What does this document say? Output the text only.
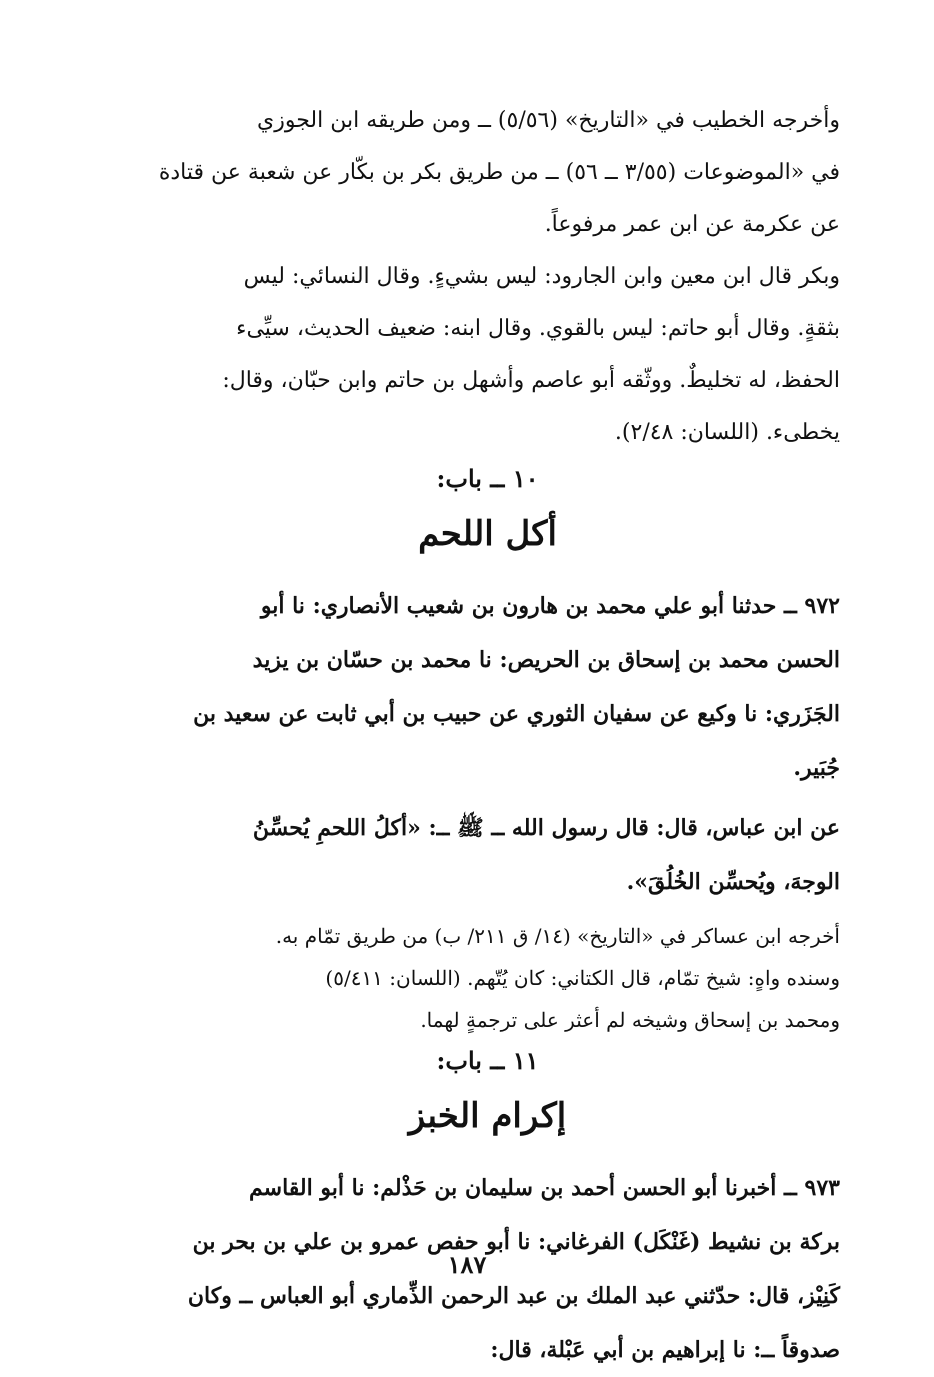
وأخرجه الخطيب في «التاريخ» (٥/٥٦) ــ ومن طريقه ابن الجوزي

في «الموضوعات (٣/٥٥ ــ ٥٦) ــ من طريق بكر بن بكّار عن شعبة عن قتادة

عن عكرمة عن ابن عمر مرفوعاً.

وبكر قال ابن معين وابن الجارود: ليس بشيءٍ. وقال النسائي: ليس

بثقةٍ. وقال أبو حاتم: ليس بالقوي. وقال ابنه: ضعيف الحديث، سيِّىء

الحفظ، له تخليطٌ. ووثّقه أبو عاصم وأشهل بن حاتم وابن حبّان، وقال:

يخطىء. (اللسان: ٢/٤٨).

١٠ ــ باب:

أكل اللحم

٩٧٢ ــ حدثنا أبو علي محمد بن هارون بن شعيب الأنصاري: نا أبو

الحسن محمد بن إسحاق بن الحريص: نا محمد بن حسّان بن يزيد

الجَزَري: نا وكيع عن سفيان الثوري عن حبيب بن أبي ثابت عن سعيد بن

جُبَير.

عن ابن عباس، قال: قال رسول الله ــ ﷺ ــ: «أكلُ اللحمِ يُحسِّنُ

الوجهَ، ويُحسِّن الخُلُقَ».

أخرجه ابن عساكر في «التاريخ» (١٤/ ق ٢١١/ ب) من طريق تمّام به.

وسنده واهٍ: شيخ تمّام، قال الكتاني: كان يُتّهم. (اللسان: ٥/٤١١)

ومحمد بن إسحاق وشيخه لم أعثر على ترجمةٍ لهما.

١١ ــ باب:

إكرام الخبز

٩٧٣ ــ أخبرنا أبو الحسن أحمد بن سليمان بن حَذْلم: نا أبو القاسم

بركة بن نشيط (غَنْكَل) الفرغاني: نا أبو حفص عمرو بن علي بن بحر بن

كَنِيْز، قال: حدّثني عبد الملك بن عبد الرحمن الذِّماري أبو العباس ــ وكان

صدوقاً ــ: نا إبراهيم بن أبي عَبْلة، قال:

١٨٧
